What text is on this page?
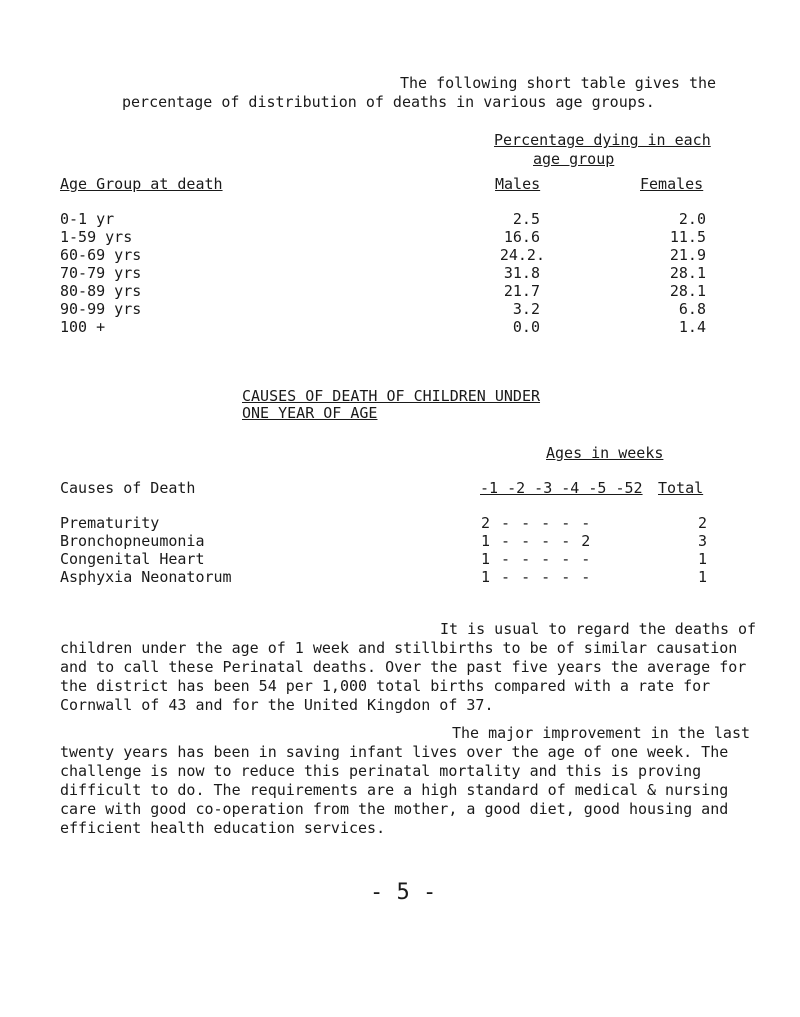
The following short table gives the
percentage of distribution of deaths in various age groups.
Percentage dying in each
age group
Age Group at death	Males	Females
0-1 yr	2.5	2.0
1-59 yrs	16.6	11.5
60-69 yrs	24.2.	21.9
70-79 yrs	31.8	28.1
80-89 yrs	21.7	28.1
90-99 yrs	3.2	6.8
100 +	0.0	1.4
CAUSES OF DEATH OF CHILDREN UNDER
ONE YEAR OF AGE
Ages in weeks
Causes of Death	-1 -2 -3 -4 -5 -52 Total
Prematurity	2 - - - - -	2
Bronchopneumonia	1 - - - - 2	3
Congenital Heart	1 - - - - -	1
Asphyxia Neonatorum	1 - - - - -	1
It is usual to regard the deaths of
children under the age of 1 week and stillbirths to be of similar causation and to call these Perinatal deaths. Over the past five years the average for the district has been 54 per 1,000 total births compared with a rate for Cornwall of 43 and for the United Kingdon of 37.
The major improvement in the last
twenty years has been in saving infant lives over the age of one week. The challenge is now to reduce this perinatal mortality and this is proving difficult to do. The requirements are a high standard of medical & nursing care with good co-operation from the mother, a good diet, good housing and efficient health education services.
- 5 -
